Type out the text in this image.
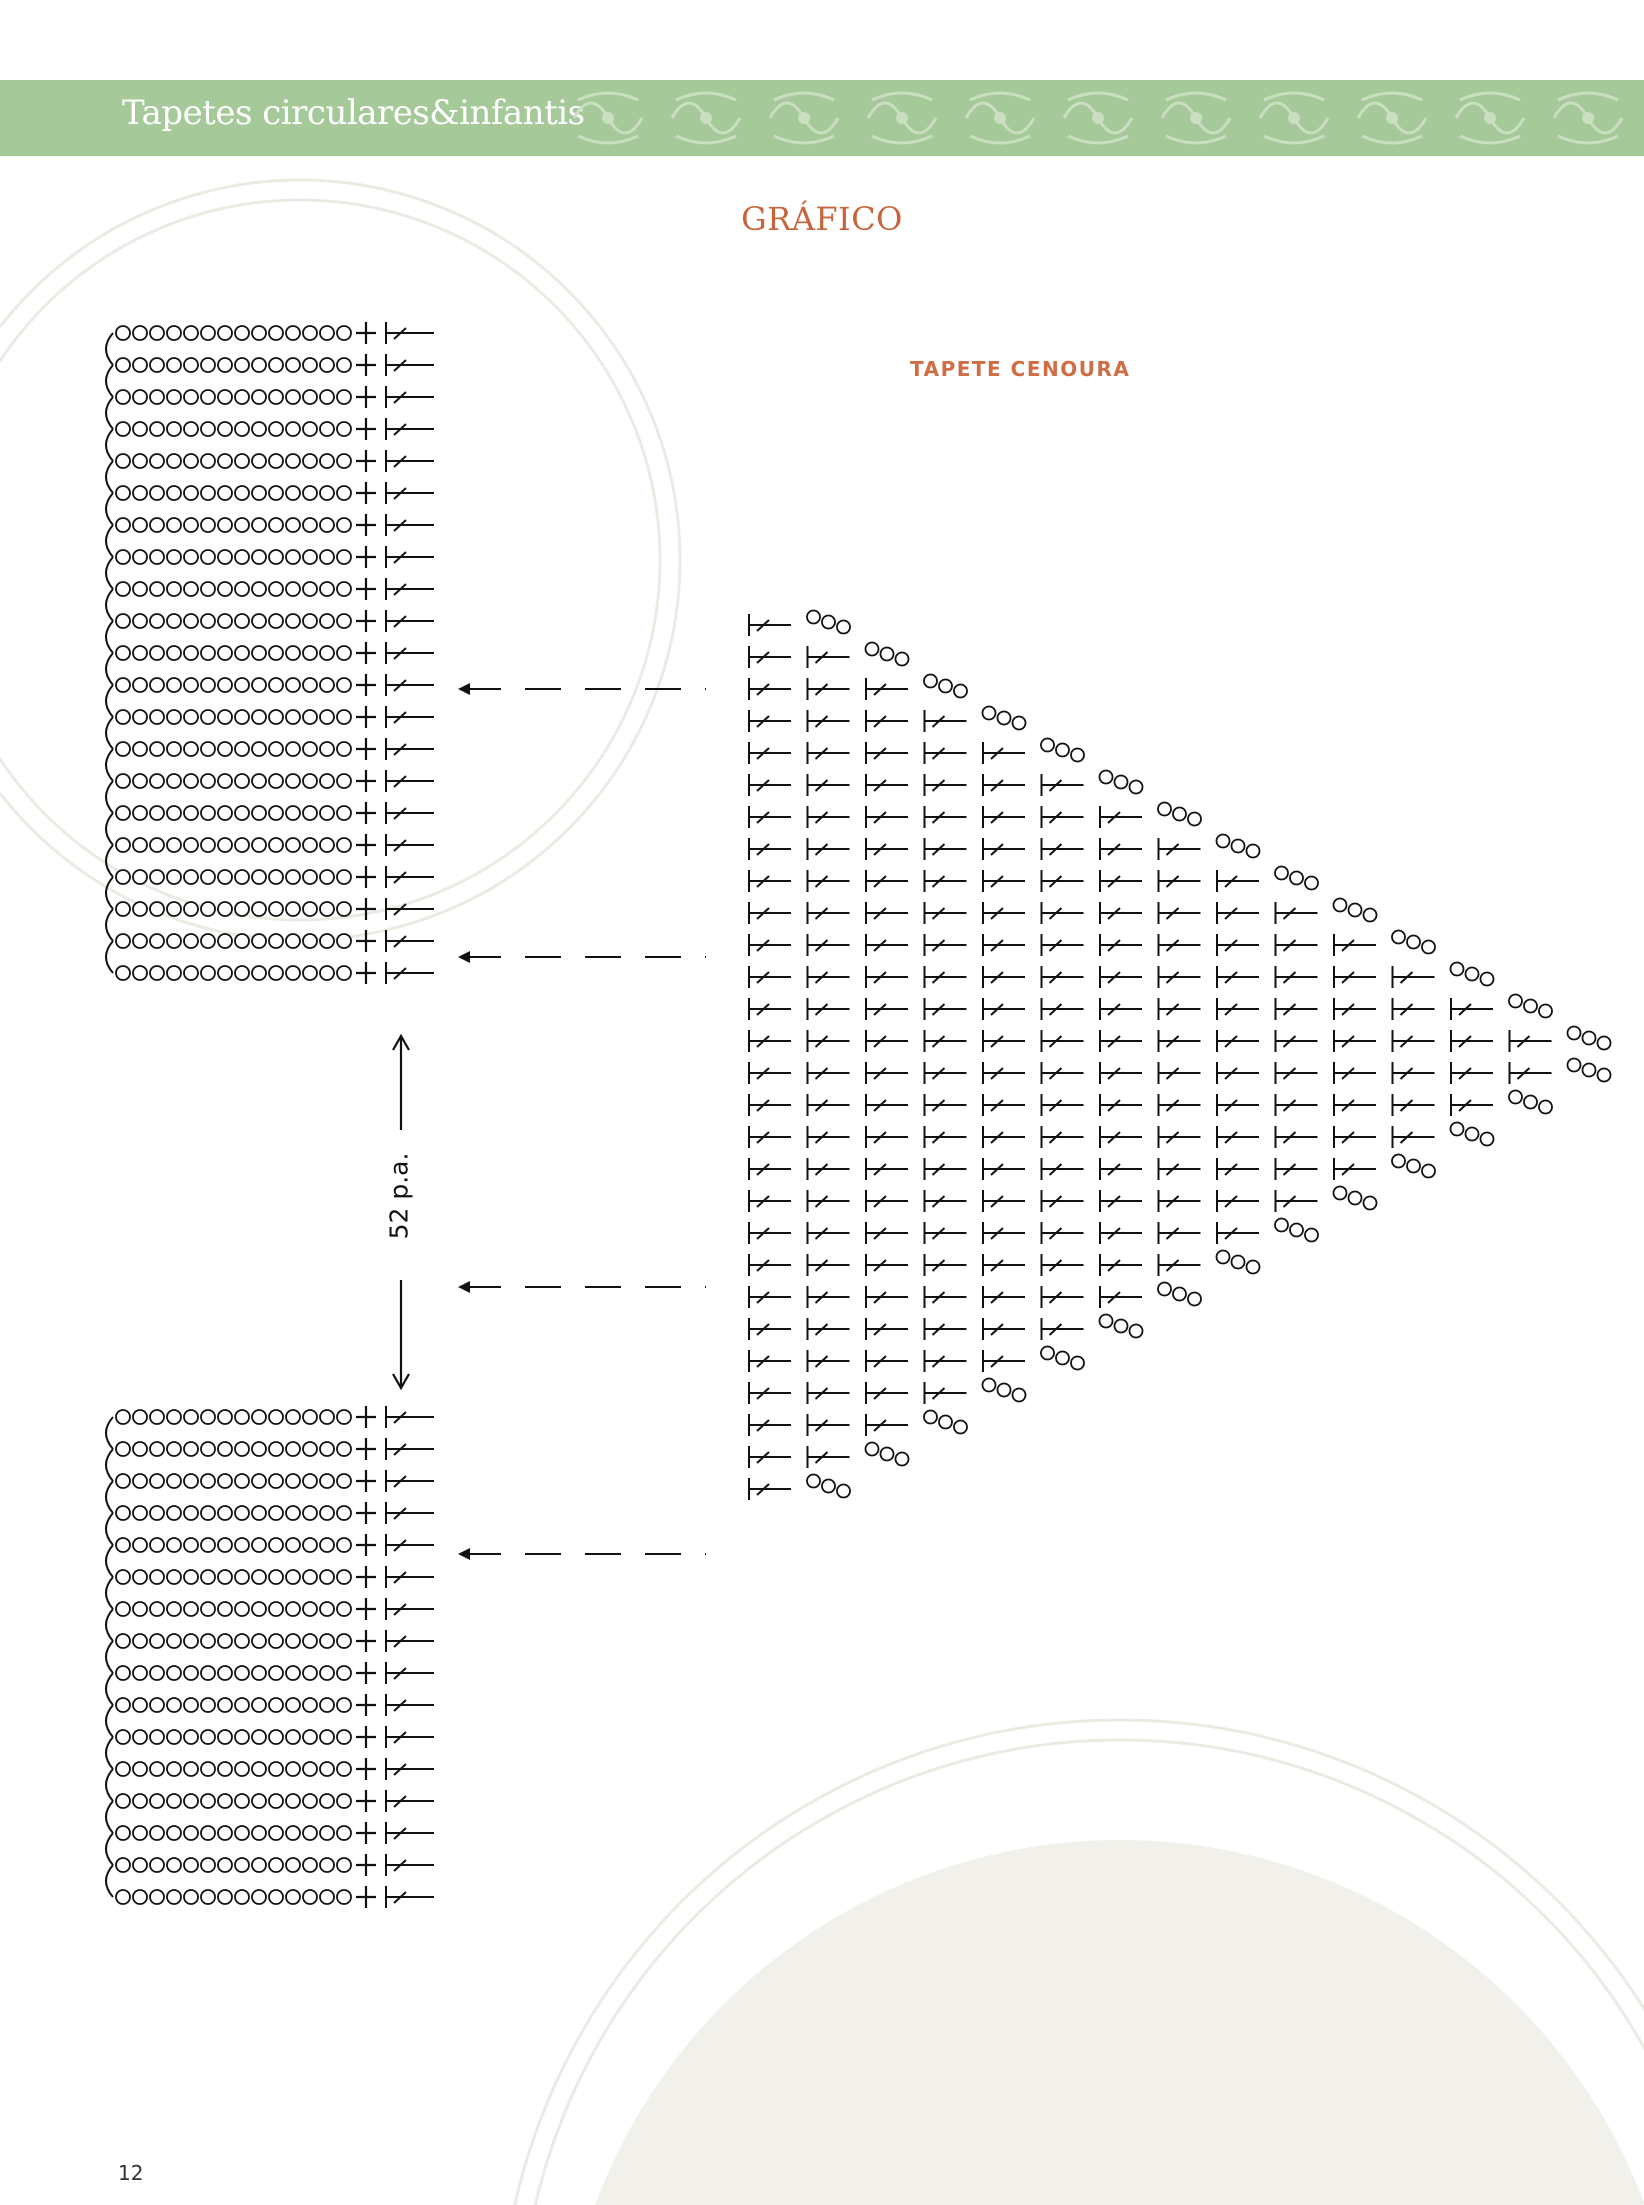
Tapetes circulares&infantis
GRÁFICO
TAPETE CENOURA
52 p.a.
12
